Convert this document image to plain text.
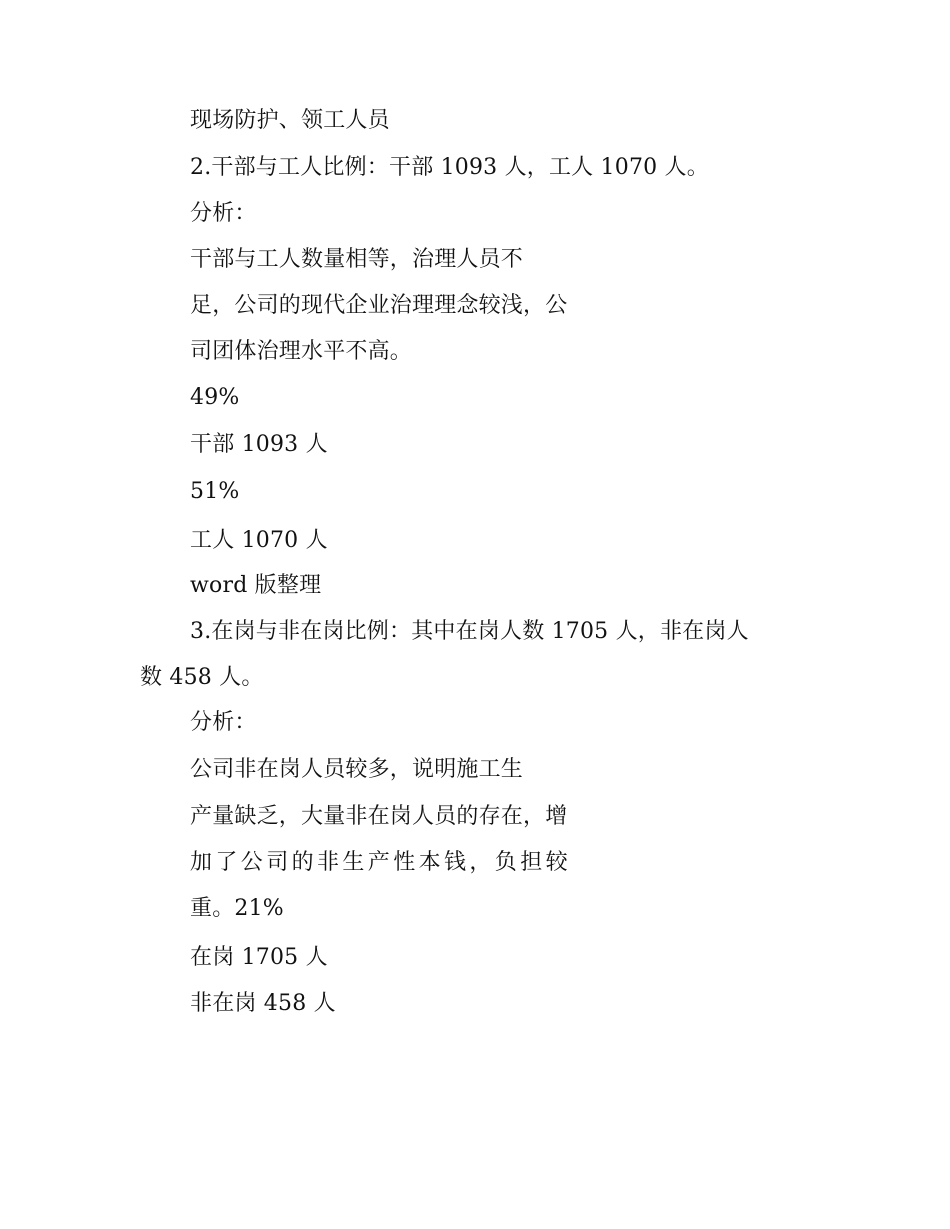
现场防护、领工人员
2.干部与工人比例：干部 1093 人，工人 1070 人。
分析：
干部与工人数量相等，治理人员不
足，公司的现代企业治理理念较浅，公
司团体治理水平不高。
49%
干部 1093 人
51%
工人 1070 人
word 版整理
3.在岗与非在岗比例：其中在岗人数 1705 人，非在岗人
数 458 人。
分析：
公司非在岗人员较多，说明施工生
产量缺乏，大量非在岗人员的存在，增
加了公司的非生产性本钱，负担较
重。21%
在岗 1705 人
非在岗 458 人
